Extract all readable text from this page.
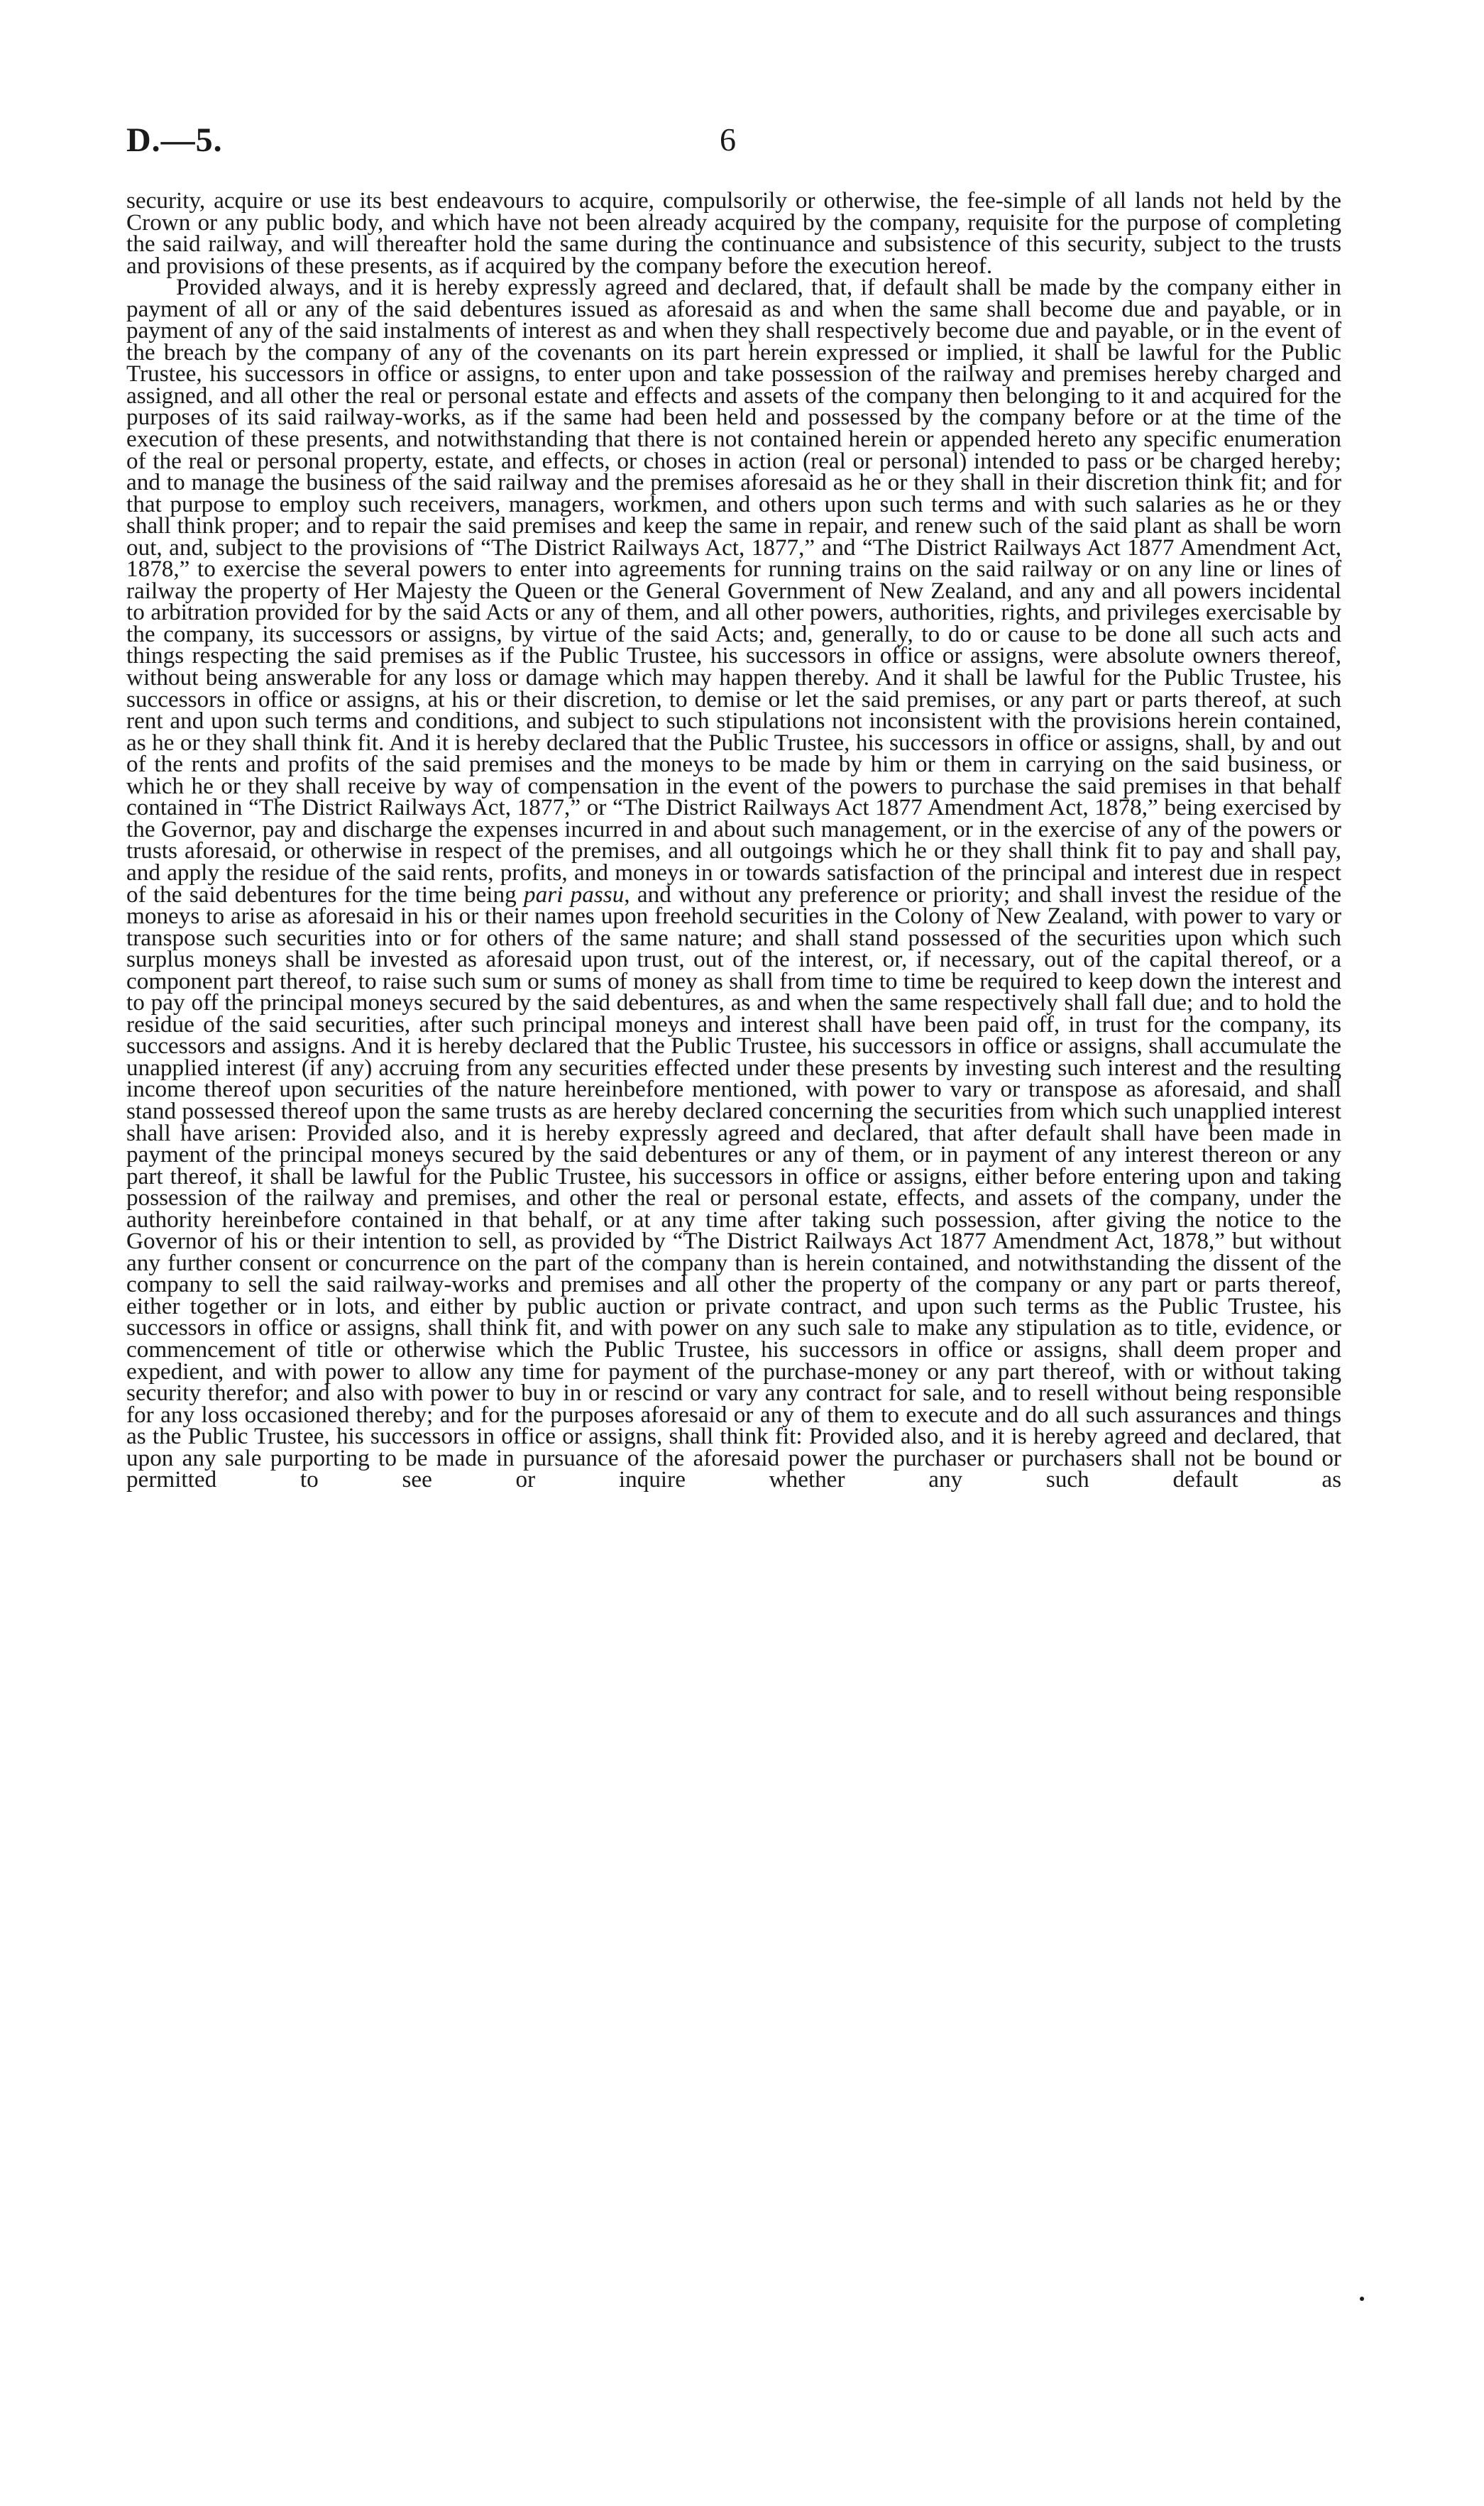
D.—5.	6

security, acquire or use its best endeavours to acquire, compulsorily or otherwise, the fee-simple of all lands not held by the Crown or any public body, and which have not been already acquired by the company, requisite for the purpose of completing the said railway, and will thereafter hold the same during the continuance and subsistence of this security, subject to the trusts and provisions of these presents, as if acquired by the company before the execution hereof.

Provided always, and it is hereby expressly agreed and declared, that, if default shall be made by the company either in payment of all or any of the said debentures issued as aforesaid as and when the same shall become due and payable, or in payment of any of the said instalments of interest as and when they shall respectively become due and payable, or in the event of the breach by the company of any of the covenants on its part herein expressed or implied, it shall be lawful for the Public Trustee, his successors in office or assigns, to enter upon and take possession of the railway and premises hereby charged and assigned, and all other the real or personal estate and effects and assets of the company then belonging to it and acquired for the purposes of its said railway-works, as if the same had been held and possessed by the company before or at the time of the execution of these presents, and notwithstanding that there is not contained herein or appended hereto any specific enumeration of the real or personal property, estate, and effects, or choses in action (real or personal) intended to pass or be charged hereby; and to manage the business of the said railway and the premises aforesaid as he or they shall in their discretion think fit; and for that purpose to employ such receivers, managers, workmen, and others upon such terms and with such salaries as he or they shall think proper; and to repair the said premises and keep the same in repair, and renew such of the said plant as shall be worn out, and, subject to the provisions of “The District Railways Act, 1877,” and “The District Railways Act 1877 Amendment Act, 1878,” to exercise the several powers to enter into agreements for running trains on the said railway or on any line or lines of railway the property of Her Majesty the Queen or the General Government of New Zealand, and any and all powers incidental to arbitration provided for by the said Acts or any of them, and all other powers, authorities, rights, and privileges exercisable by the company, its successors or assigns, by virtue of the said Acts; and, generally, to do or cause to be done all such acts and things respecting the said premises as if the Public Trustee, his successors in office or assigns, were absolute owners thereof, without being answerable for any loss or damage which may happen thereby. And it shall be lawful for the Public Trustee, his successors in office or assigns, at his or their discretion, to demise or let the said premises, or any part or parts thereof, at such rent and upon such terms and conditions, and subject to such stipulations not inconsistent with the provisions herein contained, as he or they shall think fit. And it is hereby declared that the Public Trustee, his successors in office or assigns, shall, by and out of the rents and profits of the said premises and the moneys to be made by him or them in carrying on the said business, or which he or they shall receive by way of compensation in the event of the powers to purchase the said premises in that behalf contained in “The District Railways Act, 1877,” or “The District Railways Act 1877 Amendment Act, 1878,” being exercised by the Governor, pay and discharge the expenses incurred in and about such management, or in the exercise of any of the powers or trusts aforesaid, or otherwise in respect of the premises, and all outgoings which he or they shall think fit to pay and shall pay, and apply the residue of the said rents, profits, and moneys in or towards satisfaction of the principal and interest due in respect of the said debentures for the time being pari passu, and without any preference or priority; and shall invest the residue of the moneys to arise as aforesaid in his or their names upon freehold securities in the Colony of New Zealand, with power to vary or transpose such securities into or for others of the same nature; and shall stand possessed of the securities upon which such surplus moneys shall be invested as aforesaid upon trust, out of the interest, or, if necessary, out of the capital thereof, or a component part thereof, to raise such sum or sums of money as shall from time to time be required to keep down the interest and to pay off the principal moneys secured by the said debentures, as and when the same respectively shall fall due; and to hold the residue of the said securities, after such principal moneys and interest shall have been paid off, in trust for the company, its successors and assigns. And it is hereby declared that the Public Trustee, his successors in office or assigns, shall accumulate the unapplied interest (if any) accruing from any securities effected under these presents by investing such interest and the resulting income thereof upon securities of the nature hereinbefore mentioned, with power to vary or transpose as aforesaid, and shall stand possessed thereof upon the same trusts as are hereby declared concerning the securities from which such unapplied interest shall have arisen: Provided also, and it is hereby expressly agreed and declared, that after default shall have been made in payment of the principal moneys secured by the said debentures or any of them, or in payment of any interest thereon or any part thereof, it shall be lawful for the Public Trustee, his successors in office or assigns, either before entering upon and taking possession of the railway and premises, and other the real or personal estate, effects, and assets of the company, under the authority hereinbefore contained in that behalf, or at any time after taking such possession, after giving the notice to the Governor of his or their intention to sell, as provided by “The District Railways Act 1877 Amendment Act, 1878,” but without any further consent or concurrence on the part of the company than is herein contained, and notwithstanding the dissent of the company to sell the said railway-works and premises and all other the property of the company or any part or parts thereof, either together or in lots, and either by public auction or private contract, and upon such terms as the Public Trustee, his successors in office or assigns, shall think fit, and with power on any such sale to make any stipulation as to title, evidence, or commencement of title or otherwise which the Public Trustee, his successors in office or assigns, shall deem proper and expedient, and with power to allow any time for payment of the purchase-money or any part thereof, with or without taking security therefor; and also with power to buy in or rescind or vary any contract for sale, and to resell without being responsible for any loss occasioned thereby; and for the purposes aforesaid or any of them to execute and do all such assurances and things as the Public Trustee, his successors in office or assigns, shall think fit: Provided also, and it is hereby agreed and declared, that upon any sale purporting to be made in pursuance of the aforesaid power the purchaser or purchasers shall not be bound or permitted to see or inquire whether any such default as
